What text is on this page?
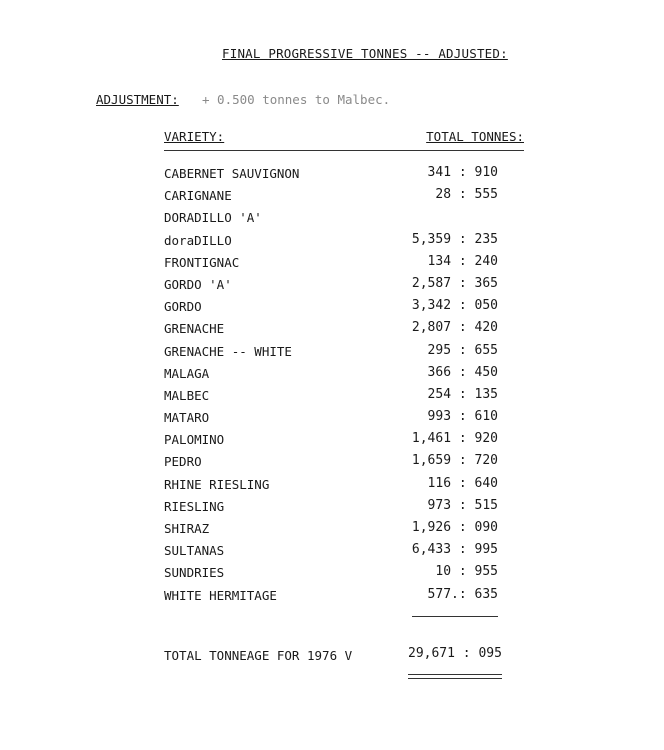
FINAL PROGRESSIVE TONNES -- ADJUSTED:
ADJUSTMENT: + 0.500 tonnes to Malbec.
VARIETY:	TOTAL TONNES:
CABERNET SAUVIGNON	341 : 910
CARIGNANE	28 : 555
DORADILLO 'A'
doraDILLO	5,359 : 235
FRONTIGNAC	134 : 240
GORDO 'A'	2,587 : 365
GORDO	3,342 : 050
GRENACHE	2,807 : 420
GRENACHE -- WHITE	295 : 655
MALAGA	366 : 450
MALBEC	254 : 135
MATARO	993 : 610
PALOMINO	1,461 : 920
PEDRO	1,659 : 720
RHINE RIESLING	116 : 640
RIESLING	973 : 515
SHIRAZ	1,926 : 090
SULTANAS	6,433 : 995
SUNDRIES	10 : 955
WHITE HERMITAGE	577.: 635
TOTAL TONNEAGE FOR 1976 V	29,671 : 095
